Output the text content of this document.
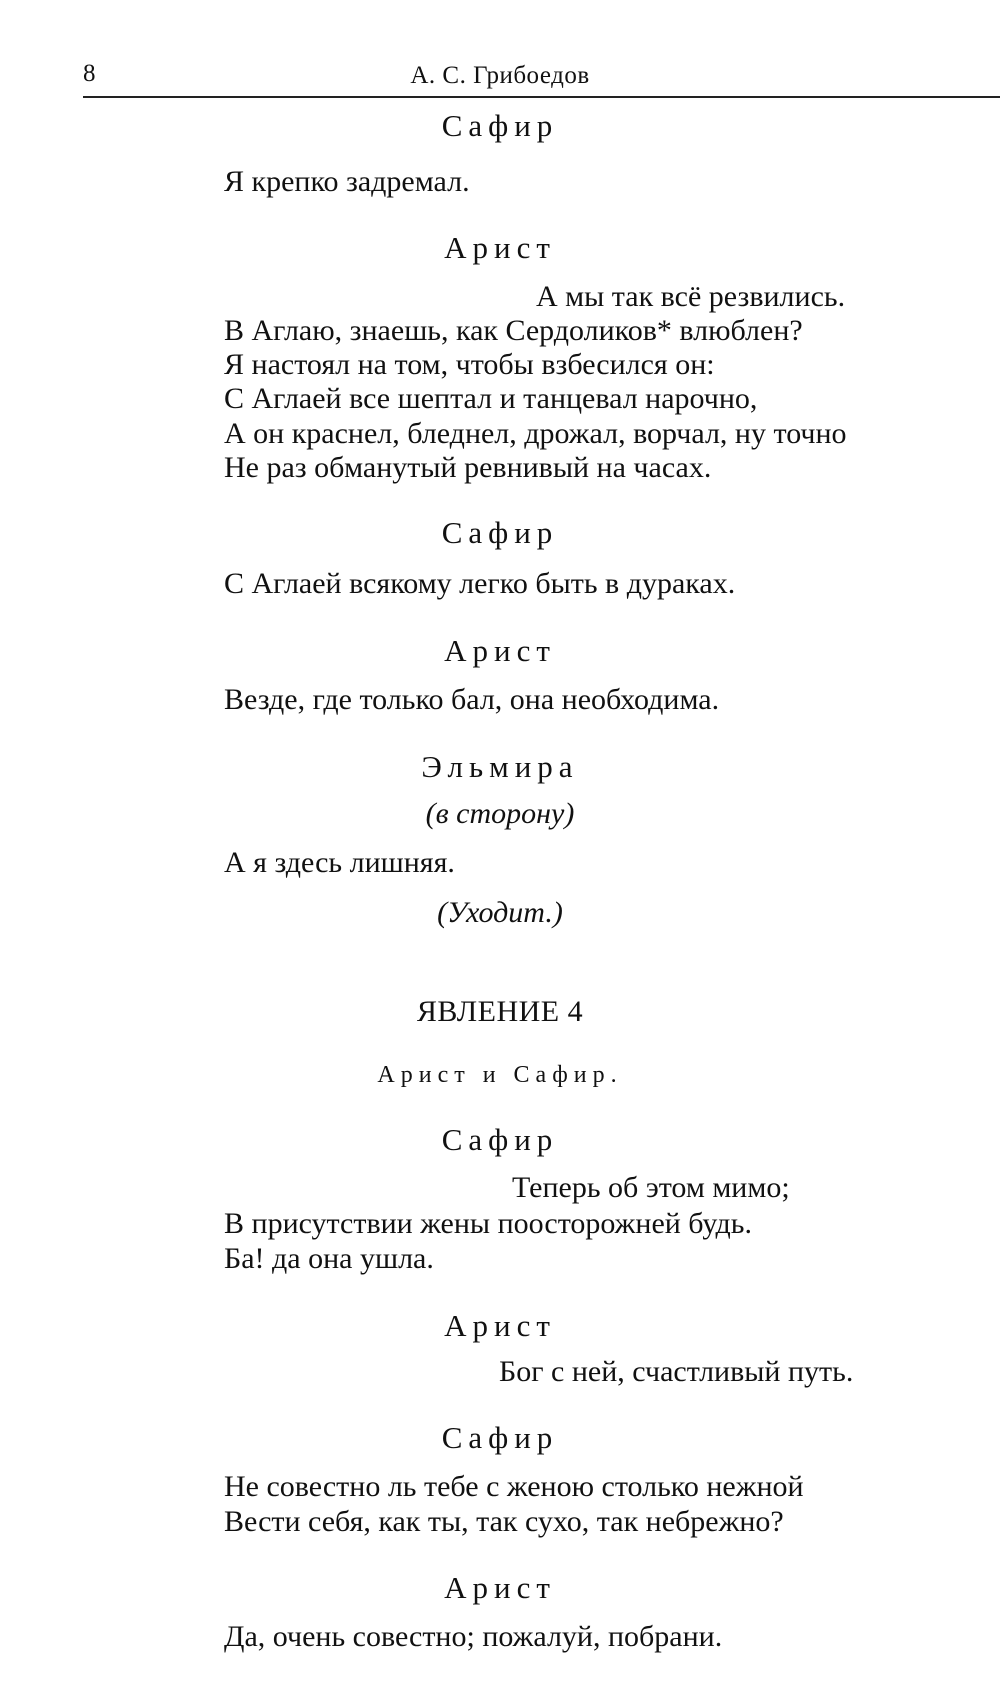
8	А. С. Грибоедов
Сафир
Я крепко задремал.
Арист
А мы так всё резвились.
В Аглаю, знаешь, как Сердоликов* влюблен?
Я настоял на том, чтобы взбесился он:
С Аглаей все шептал и танцевал нарочно,
А он краснел, бледнел, дрожал, ворчал, ну точно
Не раз обманутый ревнивый на часах.
Сафир
С Аглаей всякому легко быть в дураках.
Арист
Везде, где только бал, она необходима.
Эльмира
(в сторону)
А я здесь лишняя.
(Уходит.)
ЯВЛЕНИЕ 4
Арист и Сафир.
Сафир
Теперь об этом мимо;
В присутствии жены поосторожней будь.
Ба! да она ушла.
Арист
Бог с ней, счастливый путь.
Сафир
Не совестно ль тебе с женою столько нежной
Вести себя, как ты, так сухо, так небрежно?
Арист
Да, очень совестно; пожалуй, побрани.
